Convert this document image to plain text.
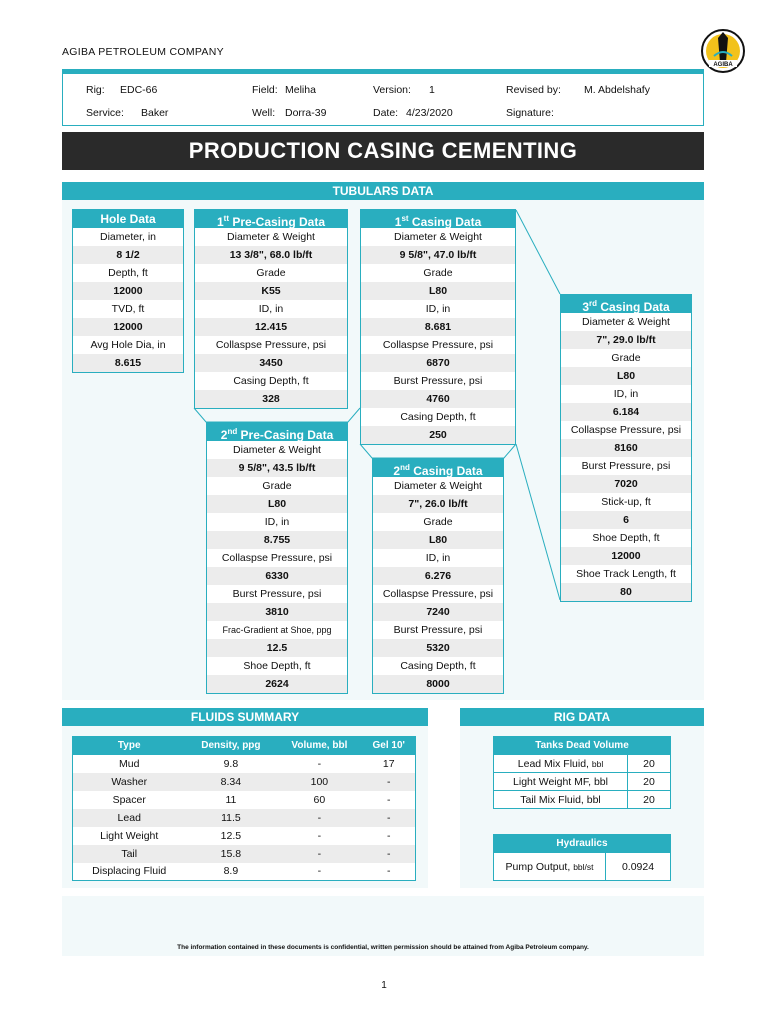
AGIBA PETROLEUM COMPANY
AGIBA
Rig: EDC-66
Service: Baker
Field: Meliha
Well: Dorra-39
Version: 1
Date: 4/23/2020
Revised by: M. Abdelshafy
Signature:
PRODUCTION CASING CEMENTING
TUBULARS DATA
Hole Data
Diameter, in
8 1/2
Depth, ft
12000
TVD, ft
12000
Avg Hole Dia, in
8.615
$1^{tt}$ Pre-Casing Data
Diameter & Weight
13 3/8", 68.0 lb/ft
Grade
K55
ID, in
12.415
Collaspse Pressure, psi
3450
Casing Depth, ft
328
2nd Pre-Casing Data
Diameter & Weight
9 5/8", 43.5 lb/ft
Grade
L80
ID, in
8.755
Collaspse Pressure, psi
6330
Burst Pressure, psi
3810
Frac-Gradient at Shoe, ppg
12.5
Shoe Depth, ft
2624
1st Casing Data
Diameter & Weight
9 5/8", 47.0 lb/ft
Grade
L80
ID, in
8.681
Collaspse Pressure, psi
6870
Burst Pressure, psi
4760
Casing Depth, ft
250
2nd Casing Data
Diameter & Weight
7", 26.0 lb/ft
Grade
L80
ID, in
6.276
Collaspse Pressure, psi
7240
Burst Pressure, psi
5320
Casing Depth, ft
8000
3rd Casing Data
Diameter & Weight
7", 29.0 lb/ft
Grade
L80
ID, in
6.184
Collaspse Pressure, psi
8160
Burst Pressure, psi
7020
Stick-up, ft
6
Shoe Depth, ft
12000
Shoe Track Length, ft
80
FLUIDS SUMMARY
Type	Density, ppg	Volume, bbl	Gel 10'
Mud	9.8	-	17
Washer	8.34	100	-
Spacer	11	60	-
Lead	11.5	-	-
Light Weight	12.5	-	-
Tail	15.8	-	-
Displacing Fluid	8.9	-	-
RIG DATA
Tanks Dead Volume	
Lead Mix Fluid, bbl	20
Light Weight MF, bbl	20
Tail Mix Fluid, bbl	20
Hydraulics
Pump Output, bbl/st	0.0924
The information contained in these documents is confidential, written permission should be attained from Agiba Petroleum company.
1
